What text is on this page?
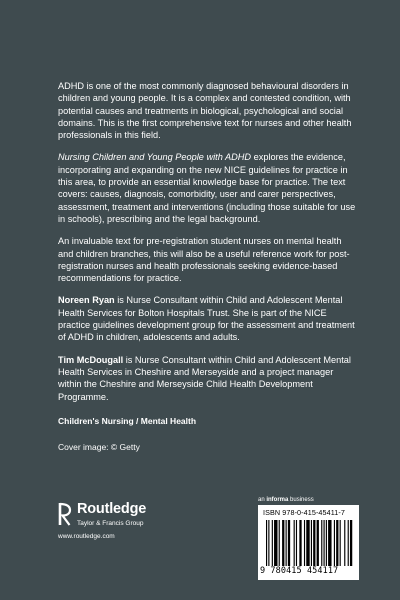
ADHD is one of the most commonly diagnosed behavioural disorders in children and young people. It is a complex and contested condition, with potential causes and treatments in biological, psychological and social domains. This is the first comprehensive text for nurses and other health professionals in this field.

Nursing Children and Young People with ADHD explores the evidence, incorporating and expanding on the new NICE guidelines for practice in this area, to provide an essential knowledge base for practice. The text covers: causes, diagnosis, comorbidity, user and carer perspectives, assessment, treatment and interventions (including those suitable for use in schools), prescribing and the legal background.

An invaluable text for pre-registration student nurses on mental health and children branches, this will also be a useful reference work for post-registration nurses and health professionals seeking evidence-based recommendations for practice.

Noreen Ryan is Nurse Consultant within Child and Adolescent Mental Health Services for Bolton Hospitals Trust. She is part of the NICE practice guidelines development group for the assessment and treatment of ADHD in children, adolescents and adults.

Tim McDougall is Nurse Consultant within Child and Adolescent Mental Health Services in Cheshire and Merseyside and a project manager within the Cheshire and Merseyside Child Health Development Programme.

Children's Nursing / Mental Health

Cover image: © Getty

Routledge
Taylor & Francis Group
www.routledge.com
an informa business
ISBN 978-0-415-45411-7
9 780415 454117
